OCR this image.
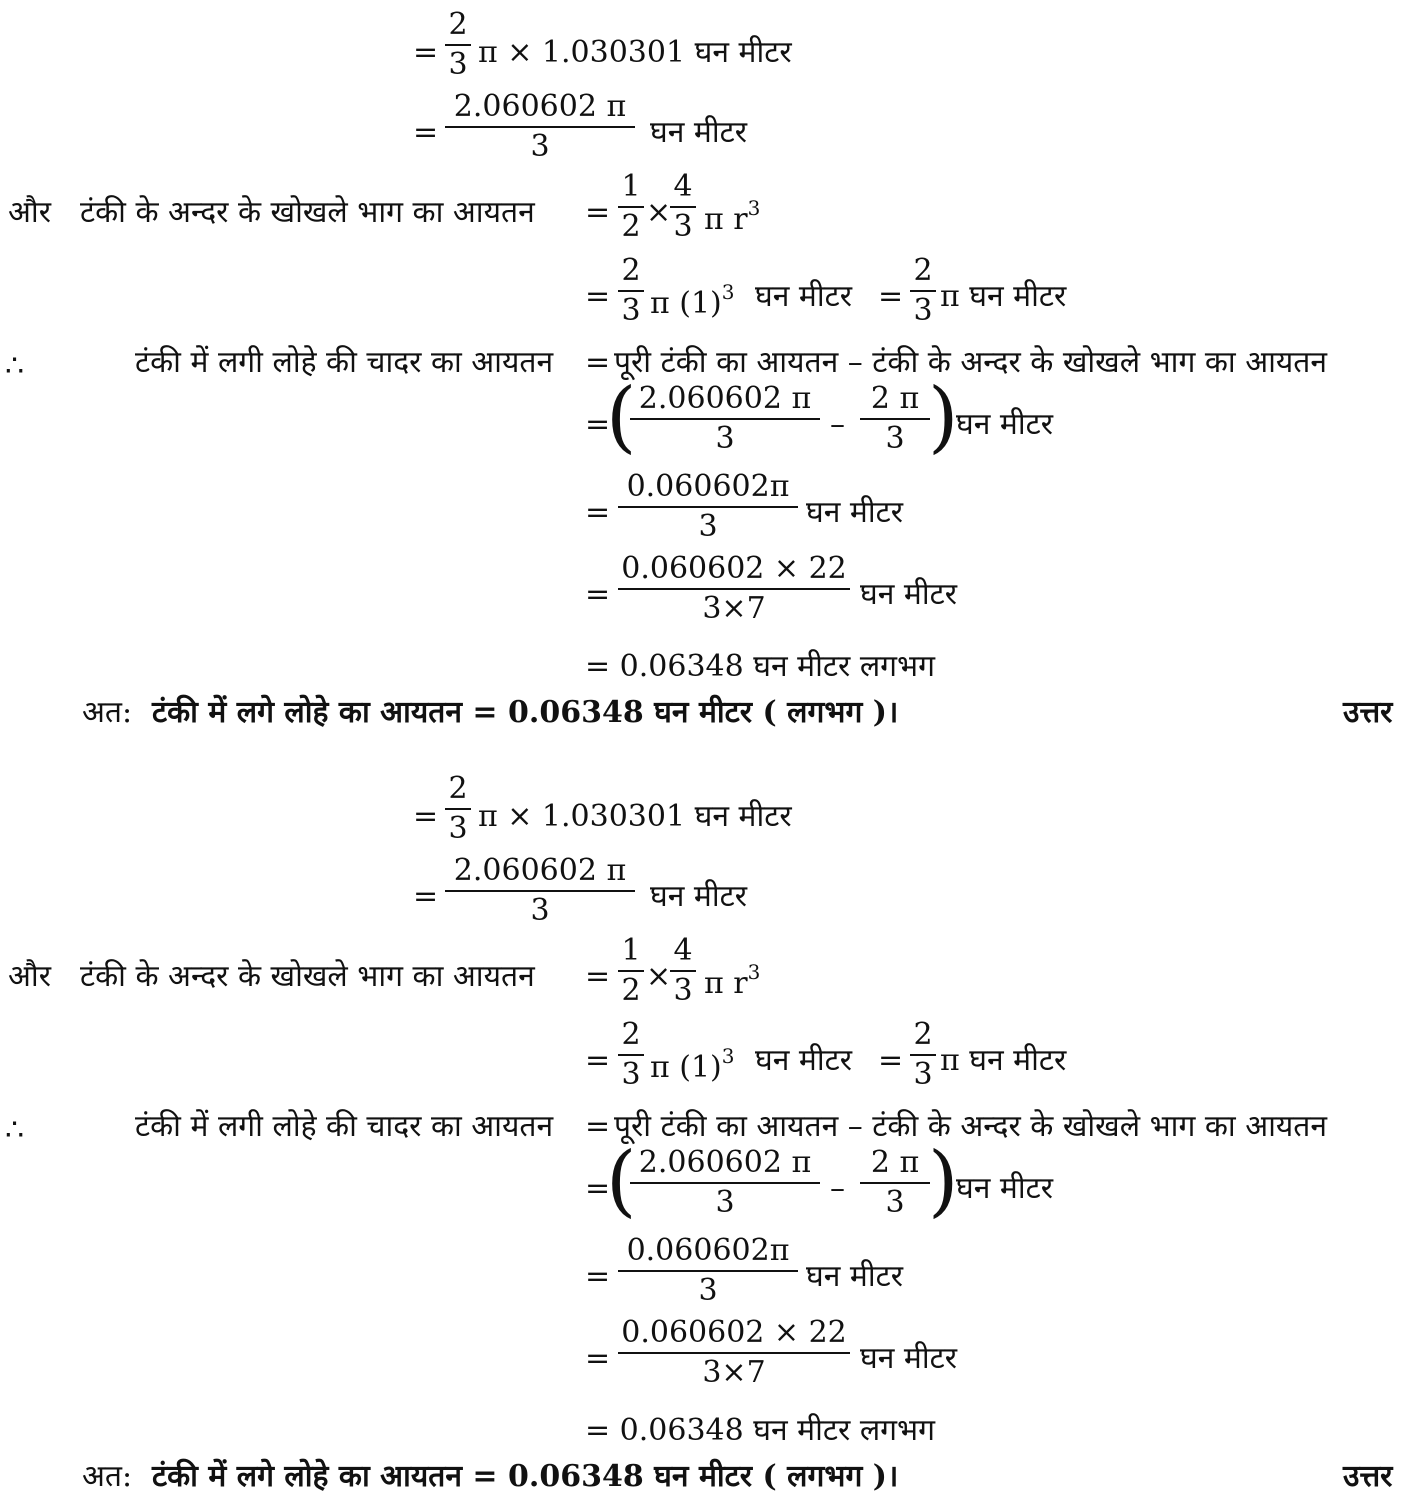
= $\frac{2}{3}$ π × 1.030301 घन मीटर
= $\frac{2.060602 \pi}{3}$ घन मीटर
और टंकी के अन्दर के खोखले भाग का आयतन = $\frac{1}{2}$ ×
$\frac{4}{3}$ π $r^3$
= $\frac{2}{3}$ π $(1)^3$ घन मीटर = $\frac{2}{3}$ π घन मीटर
∴	टंकी में लगी लोहे की चादर का आयतन = पूरी टंकी का आयतन – टंकी के अन्दर के खोखले भाग का आयतन
=
(
$\frac{2.060602 \pi}{3} - \frac{2 \pi}{3}$
)
घन मीटर
= $\frac{0.060602\pi}{3}$ घन मीटर
= $\frac{0.060602 \times 22}{3\times 7}$ घन मीटर
= 0.06348 घन मीटर लगभग
अत: टंकी में लगे लोहे का आयतन = 0.06348 घन मीटर ( लगभग )।	उत्तर
= $\frac{2}{3}$ π × 1.030301 घन मीटर
= $\frac{2.060602 \pi}{3}$ घन मीटर
और टंकी के अन्दर के खोखले भाग का आयतन = $\frac{1}{2}$ ×
$\frac{4}{3}$ π $r^3$
= $\frac{2}{3}$ π $(1)^3$ घन मीटर = $\frac{2}{3}$ π घन मीटर
∴	टंकी में लगी लोहे की चादर का आयतन = पूरी टंकी का आयतन – टंकी के अन्दर के खोखले भाग का आयतन
=
(
$\frac{2.060602 \pi}{3} - \frac{2 \pi}{3}$
)
घन मीटर
= $\frac{0.060602\pi}{3}$ घन मीटर
= $\frac{0.060602 \times 22}{3\times 7}$ घन मीटर
= 0.06348 घन मीटर लगभग
अत: टंकी में लगे लोहे का आयतन = 0.06348 घन मीटर ( लगभग )।	उत्तर
